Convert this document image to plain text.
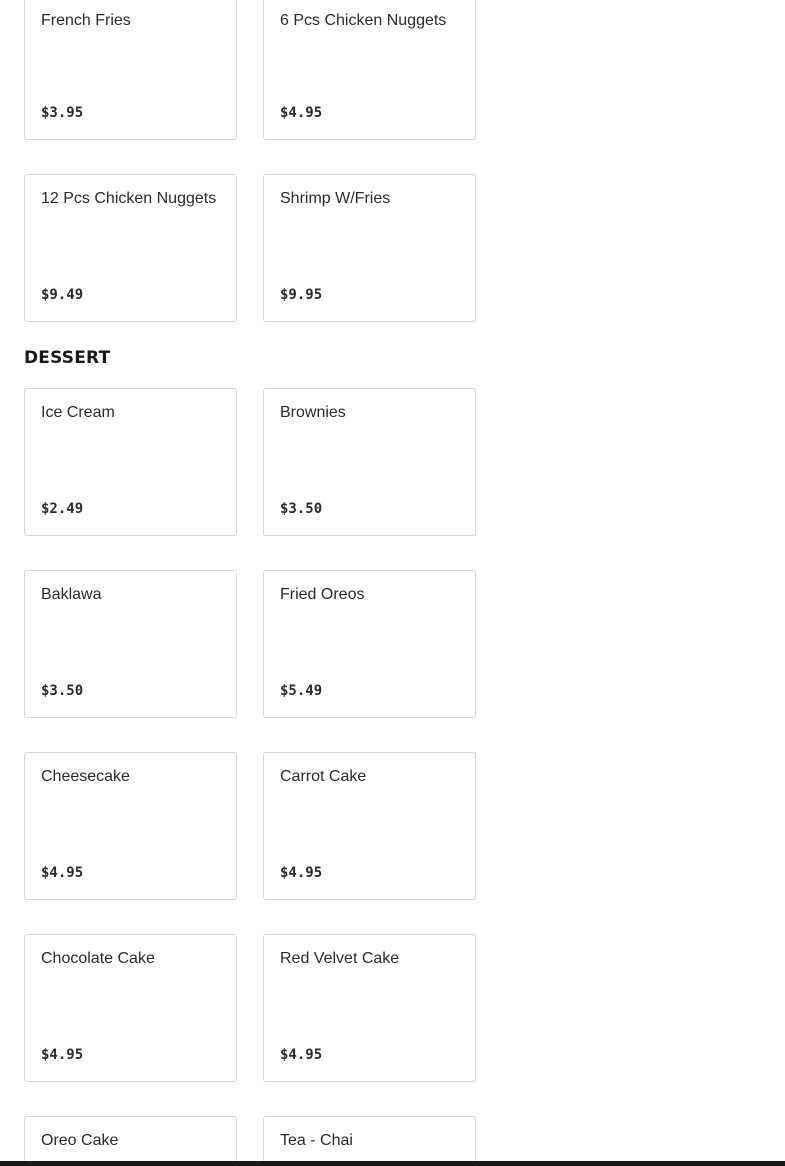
French Fries
$3.95
6 Pcs Chicken Nuggets
$4.95
12 Pcs Chicken Nuggets
$9.49
Shrimp W/Fries
$9.95
DESSERT
Ice Cream
$2.49
Brownies
$3.50
Baklawa
$3.50
Fried Oreos
$5.49
Cheesecake
$4.95
Carrot Cake
$4.95
Chocolate Cake
$4.95
Red Velvet Cake
$4.95
Oreo Cake	Tea - Chai
